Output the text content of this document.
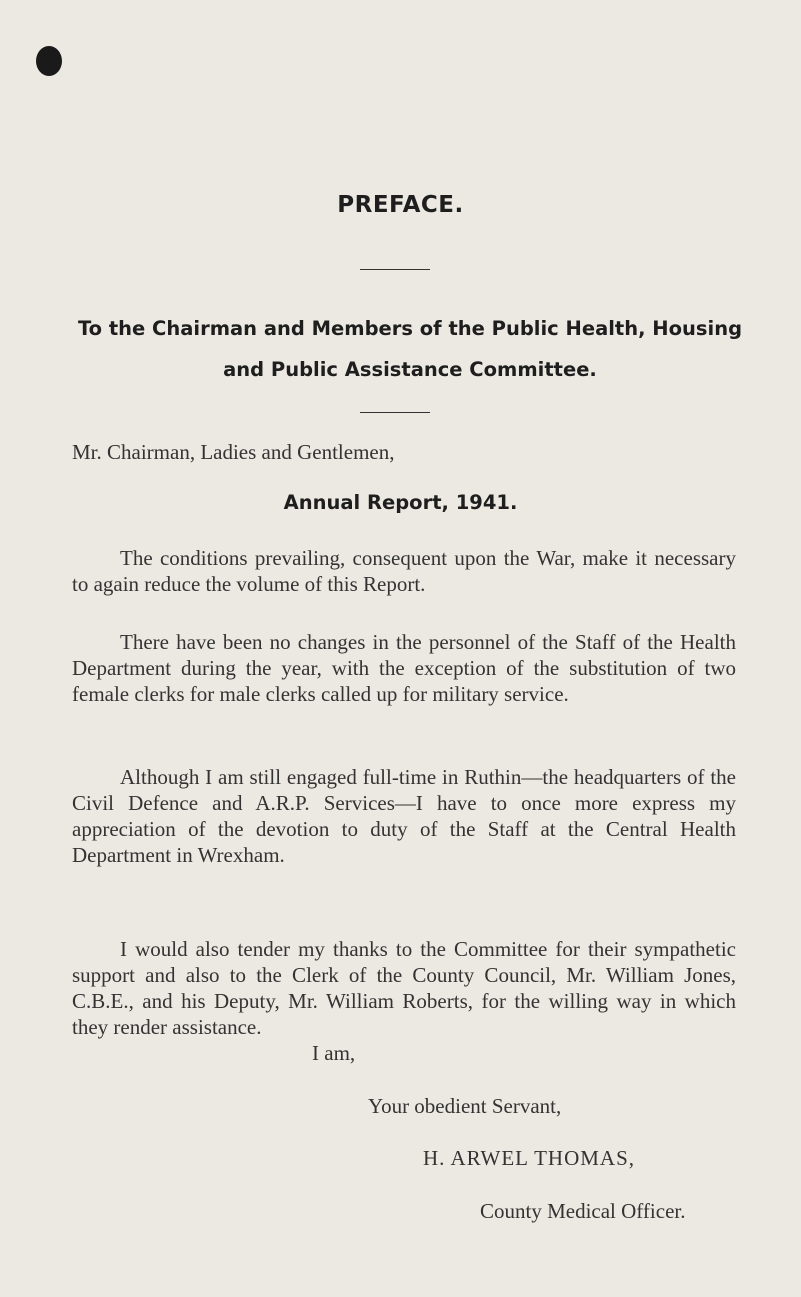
PREFACE.
To the Chairman and Members of the Public Health, Housing
and Public Assistance Committee.
Mr. Chairman, Ladies and Gentlemen,
Annual Report, 1941.

The conditions prevailing, consequent upon the War, make it necessary to again reduce the volume of this Report.

There have been no changes in the personnel of the Staff of the Health Department during the year, with the exception of the substitution of two female clerks for male clerks called up for military service.

Although I am still engaged full-time in Ruthin—the headquarters of the Civil Defence and A.R.P. Services—I have to once more express my appreciation of the devotion to duty of the Staff at the Central Health Department in Wrexham.

I would also tender my thanks to the Committee for their sympathetic support and also to the Clerk of the County Council, Mr. William Jones, C.B.E., and his Deputy, Mr. William Roberts, for the willing way in which they render assistance.

I am,
Your obedient Servant,
H. ARWEL THOMAS,
County Medical Officer.
